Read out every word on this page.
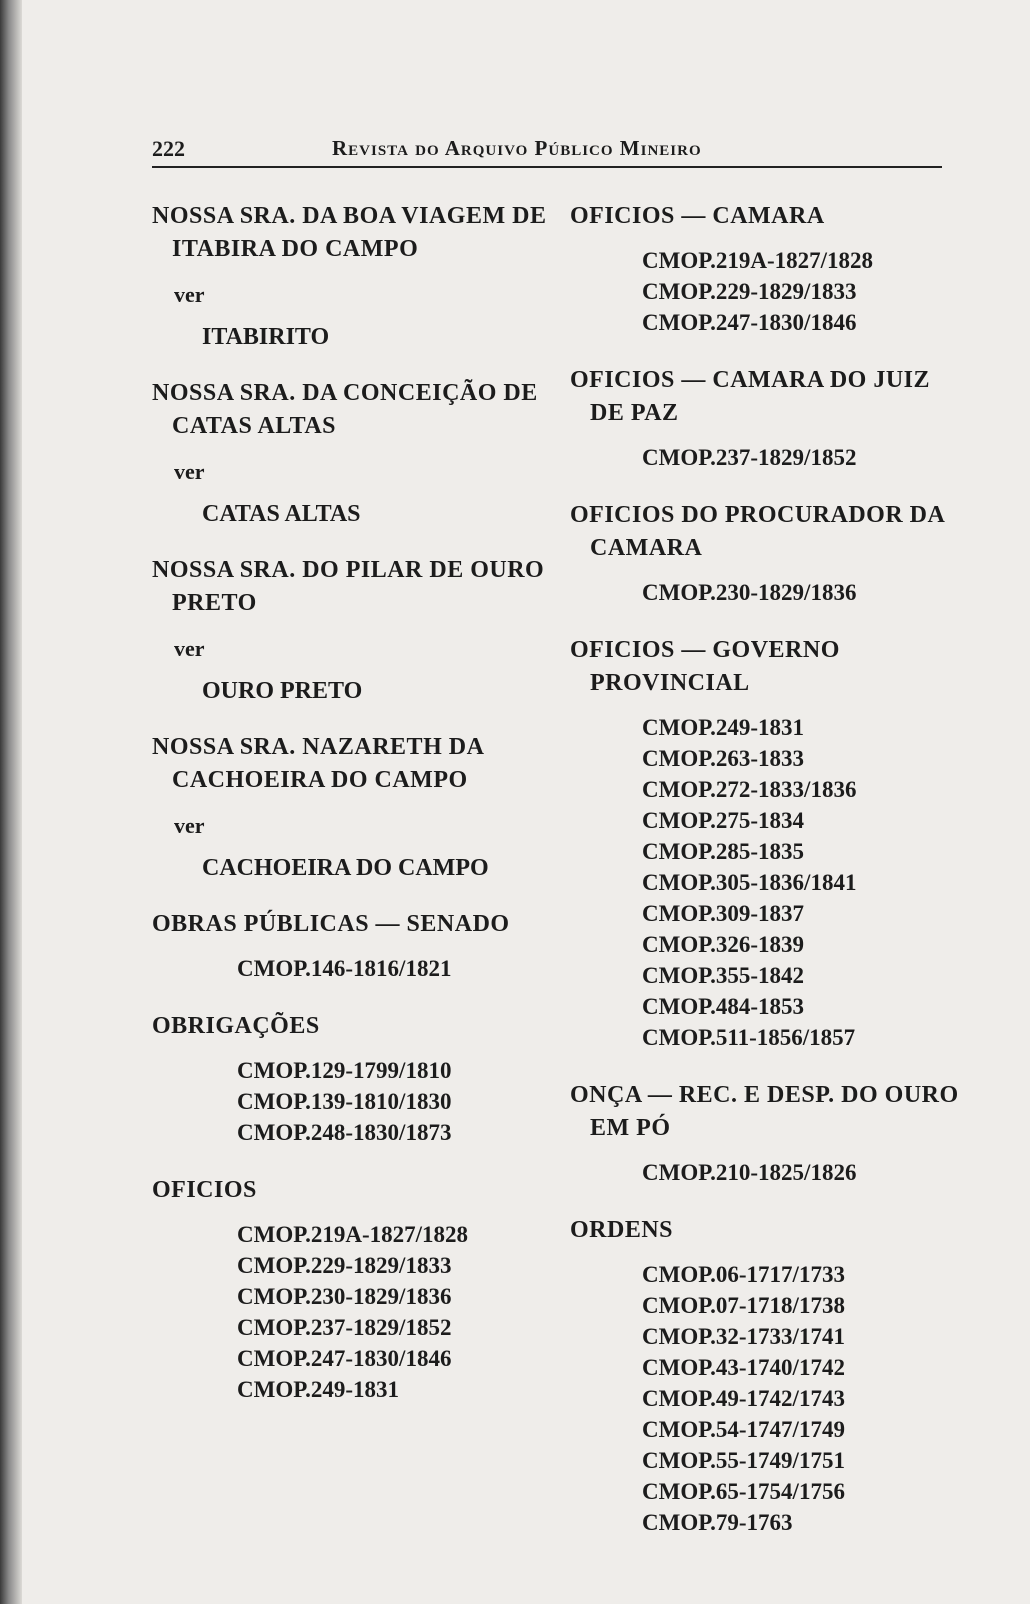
222	Revista do Arquivo Público Mineiro
NOSSA SRA. DA BOA VIAGEM DE ITABIRA DO CAMPO
ver
ITABIRITO
NOSSA SRA. DA CONCEIÇÃO DE CATAS ALTAS
ver
CATAS ALTAS
NOSSA SRA. DO PILAR DE OURO PRETO
ver
OURO PRETO
NOSSA SRA. NAZARETH DA CACHOEIRA DO CAMPO
ver
CACHOEIRA DO CAMPO
OBRAS PÚBLICAS — SENADO
CMOP.146-1816/1821
OBRIGAÇÕES
CMOP.129-1799/1810
CMOP.139-1810/1830
CMOP.248-1830/1873
OFICIOS
CMOP.219A-1827/1828
CMOP.229-1829/1833
CMOP.230-1829/1836
CMOP.237-1829/1852
CMOP.247-1830/1846
CMOP.249-1831
OFICIOS — CAMARA
CMOP.219A-1827/1828
CMOP.229-1829/1833
CMOP.247-1830/1846
OFICIOS — CAMARA DO JUIZ DE PAZ
CMOP.237-1829/1852
OFICIOS DO PROCURADOR DA CAMARA
CMOP.230-1829/1836
OFICIOS — GOVERNO PROVINCIAL
CMOP.249-1831
CMOP.263-1833
CMOP.272-1833/1836
CMOP.275-1834
CMOP.285-1835
CMOP.305-1836/1841
CMOP.309-1837
CMOP.326-1839
CMOP.355-1842
CMOP.484-1853
CMOP.511-1856/1857
ONÇA — REC. E DESP. DO OURO EM PÓ
CMOP.210-1825/1826
ORDENS
CMOP.06-1717/1733
CMOP.07-1718/1738
CMOP.32-1733/1741
CMOP.43-1740/1742
CMOP.49-1742/1743
CMOP.54-1747/1749
CMOP.55-1749/1751
CMOP.65-1754/1756
CMOP.79-1763
